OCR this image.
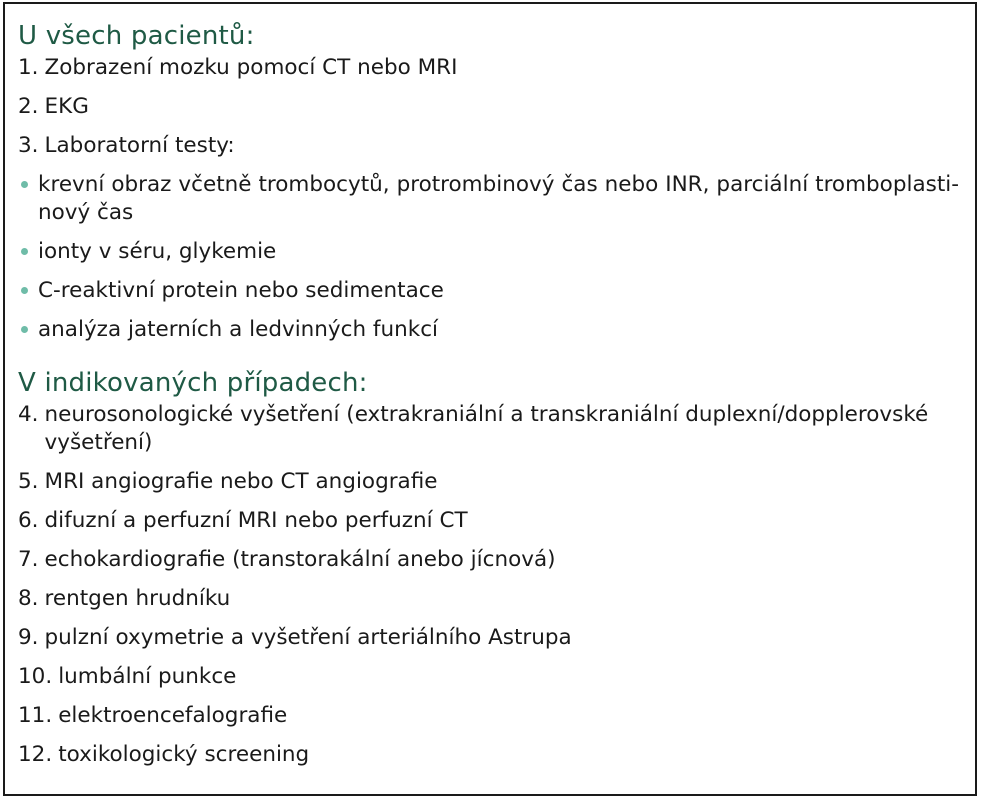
U všech pacientů:
1. Zobrazení mozku pomocí CT nebo MRI
2. EKG
3. Laboratorní testy:
krevní obraz včetně trombocytů, protrombinový čas nebo INR, parciální tromboplasti-nový čas
ionty v séru, glykemie
C-reaktivní protein nebo sedimentace
analýza jaterních a ledvinných funkcí
V indikovaných případech:
4. neurosonologické vyšetření (extrakraniální a transkraniální duplexní/dopplerovské vyšetření)
5. MRI angiografie nebo CT angiografie
6. difuzní a perfuzní MRI nebo perfuzní CT
7. echokardiografie (transtorakální anebo jícnová)
8. rentgen hrudníku
9. pulzní oxymetrie a vyšetření arteriálního Astrupa
10. lumbální punkce
11. elektroencefalografie
12. toxikologický screening
